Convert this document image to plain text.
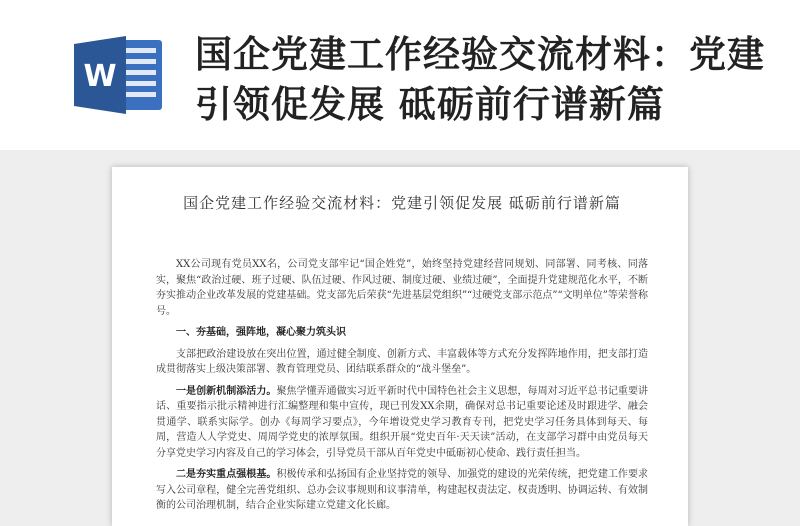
W
国企党建工作经验交流材料：党建引领促发展 砥砺前行谱新篇
国企党建工作经验交流材料：党建引领促发展 砥砺前行谱新篇

XX公司现有党员XX名，公司党支部牢记“国企姓党”，始终坚持党建经营同规划、同部署、同考核、同落实，聚焦“政治过硬、班子过硬、队伍过硬、作风过硬、制度过硬、业绩过硬”，全面提升党建规范化水平，不断夯实推动企业改革发展的党建基础。党支部先后荣获“先进基层党组织”“过硬党支部示范点”“文明单位”等荣誉称号。

一、夯基础，强阵地，凝心聚力筑头识

支部把政治建设放在突出位置，通过健全制度、创新方式、丰富载体等方式充分发挥阵地作用，把支部打造成贯彻落实上级决策部署、教育管理党员、团结联系群众的“战斗堡垒”。

一是创新机制添活力。聚焦学懂弄通做实习近平新时代中国特色社会主义思想，每周对习近平总书记重要讲话、重要指示批示精神进行汇编整理和集中宣传，现已刊发XX余期，确保对总书记重要论述及时跟进学、融会贯通学、联系实际学。创办《每周学习要点》，今年增设党史学习教育专刊，把党史学习任务具体到每天、每周，营造人人学党史、周周学党史的浓厚氛围。组织开展“党史百年·天天读”活动，在支部学习群中由党员每天分享党史学习内容及自己的学习体会，引导党员干部从百年党史中砥砺初心使命、践行责任担当。

二是夯实重点强根基。积极传承和弘扬国有企业坚持党的领导、加强党的建设的光荣传统，把党建工作要求写入公司章程，健全完善党组织、总办会议事规则和议事清单，构建起权责法定、权责透明、协调运转、有效制衡的公司治理机制，结合企业实际建立党建文化长廊。
